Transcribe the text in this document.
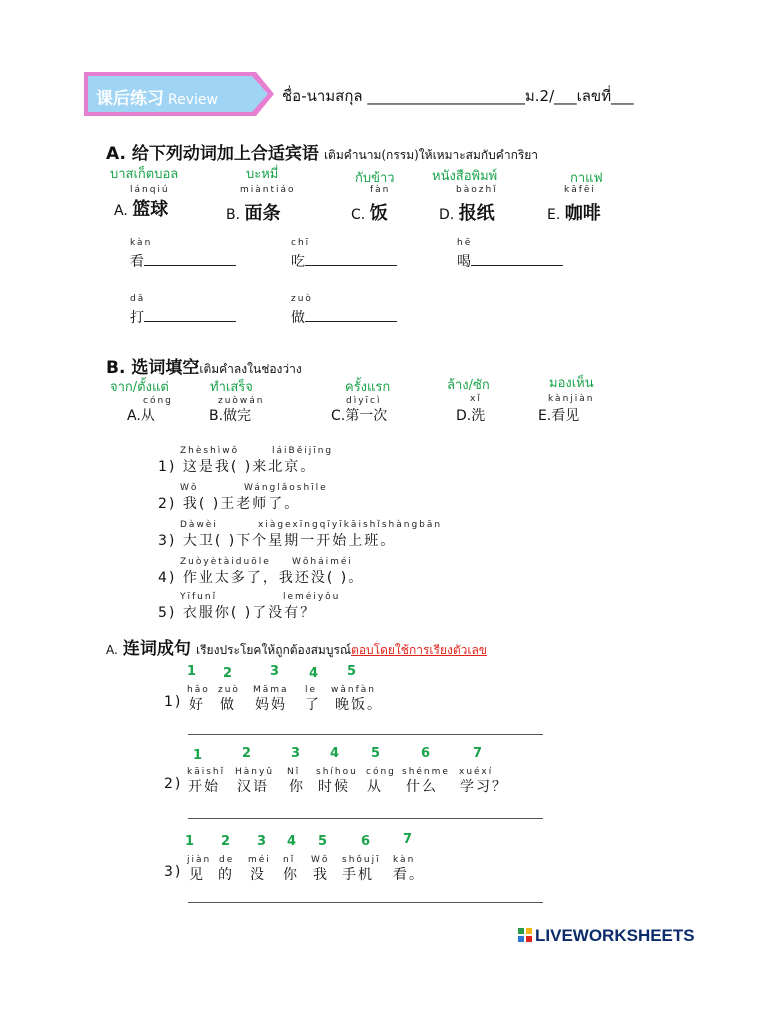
课后练习 Review	ชื่อ-นามสกุล _____________________ม.2/___เลขที่___
A. 给下列动词加上合适宾语 เติมคำนาม(กรรม)ให้เหมาะสมกับคำกริยา
บาสเก็ตบอล	บะหมี่	กับข้าว	หนังสือพิมพ์	กาแฟ
lánqiú	miàntiáo	fàn	bàozhǐ	kāfēi
A. 篮球	B. 面条	C. 饭	D. 报纸	E. 咖啡
kàn
看
chī
吃
hē
喝
dǎ
打
zuò
做
B. 选词填空เติมคำลงในช่องว่าง
จาก/ตั้งแต่	ทำเสร็จ	ครั้งแรก	ล้าง/ซัก	มองเห็น
cóng	zuòwán	dìyīcì	xǐ	kànjiàn
A.从	B.做完	C.第一次	D.洗	E.看见
Zhèshìwǒ	láiBěijīng
1) 这是我( )来北京。
Wǒ	Wánglǎoshīle
2) 我( )王老师了。
Dàwèi	xiàgexīngqīyīkāishǐshàngbān
3) 大卫( )下个星期一开始上班。
Zuòyètàiduōle Wǒháiméi
4) 作业太多了，我还没( )。
Yīfunǐ	leméiyǒu
5) 衣服你( )了没有？
A. 连词成句 เรียงประโยคให้ถูกต้องสมบูรณ์ตอบโดยใช้การเรียงตัวเลข
1 2	3 4 5
hǎo zuò Māma le wǎnfàn
1) 好 做 妈妈 了 晚饭。
1	2	3 4 5	6	7
kāishǐ Hànyǔ Nǐ shíhou cóng shénme xuéxí
2) 开始 汉语 你 时候 从 什么 学习？
1 2 3 4 5	6	7
jiàn de méi nǐ Wǒ shǒujī kàn
3) 见 的 没 你 我 手机 看。
LIVEWORKSHEETS
